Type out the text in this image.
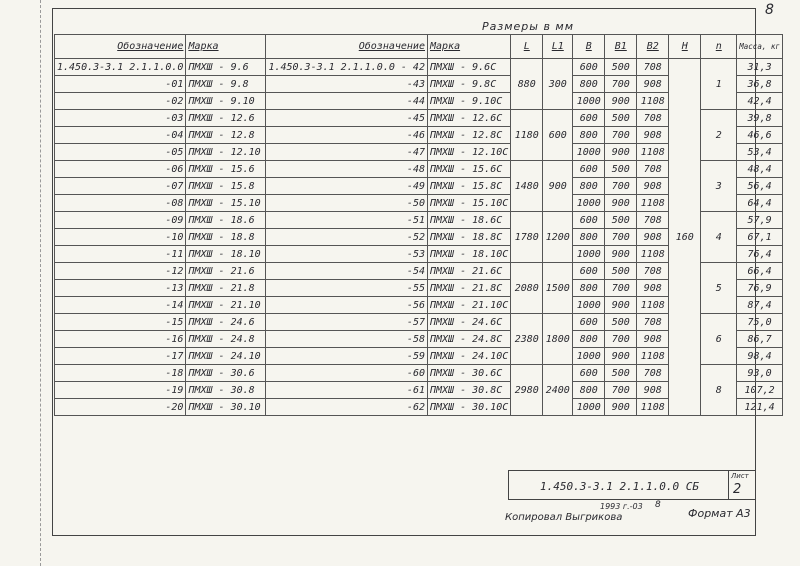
8
Размеры в мм
Обозначение	Марка	Обозначение	Марка	L	L1	B	B1	B2	H	n	Масса, кг
1.450.3-3.1 2.1.1.0.0	ПМХШ - 9.6	1.450.3-3.1 2.1.1.0.0 - 42	ПМХШ - 9.6С	880	300	600	500	708	160	1	31,3
-01	ПМХШ - 9.8	-43	ПМХШ - 9.8С			800	700	908			36,8
-02	ПМХШ - 9.10	-44	ПМХШ - 9.10С			1000	900	1108			42,4
-03	ПМХШ - 12.6	-45	ПМХШ - 12.6С	1180	600	600	500	708		2	39,8
-04	ПМХШ - 12.8	-46	ПМХШ - 12.8С			800	700	908			46,6
-05	ПМХШ - 12.10	-47	ПМХШ - 12.10С			1000	900	1108			53,4
-06	ПМХШ - 15.6	-48	ПМХШ - 15.6С	1480	900	600	500	708		3	48,4
-07	ПМХШ - 15.8	-49	ПМХШ - 15.8С			800	700	908			56,4
-08	ПМХШ - 15.10	-50	ПМХШ - 15.10С			1000	900	1108			64,4
-09	ПМХШ - 18.6	-51	ПМХШ - 18.6С	1780	1200	600	500	708		4	57,9
-10	ПМХШ - 18.8	-52	ПМХШ - 18.8С			800	700	908			67,1
-11	ПМХШ - 18.10	-53	ПМХШ - 18.10С			1000	900	1108			76,4
-12	ПМХШ - 21.6	-54	ПМХШ - 21.6С	2080	1500	600	500	708		5	66,4
-13	ПМХШ - 21.8	-55	ПМХШ - 21.8С			800	700	908			76,9
-14	ПМХШ - 21.10	-56	ПМХШ - 21.10С			1000	900	1108			87,4
-15	ПМХШ - 24.6	-57	ПМХШ - 24.6С	2380	1800	600	500	708		6	75,0
-16	ПМХШ - 24.8	-58	ПМХШ - 24.8С			800	700	908			86,7
-17	ПМХШ - 24.10	-59	ПМХШ - 24.10С			1000	900	1108			98,4
-18	ПМХШ - 30.6	-60	ПМХШ - 30.6С	2980	2400	600	500	708		8	93,0
-19	ПМХШ - 30.8	-61	ПМХШ - 30.8С			800	700	908			107,2
-20	ПМХШ - 30.10	-62	ПМХШ - 30.10С			1000	900	1108			121,4
1.450.3-3.1 2.1.1.0.0 СБ
Лист
2
1993 г.-03 8
Копировал Выгрикова	Формат А3
